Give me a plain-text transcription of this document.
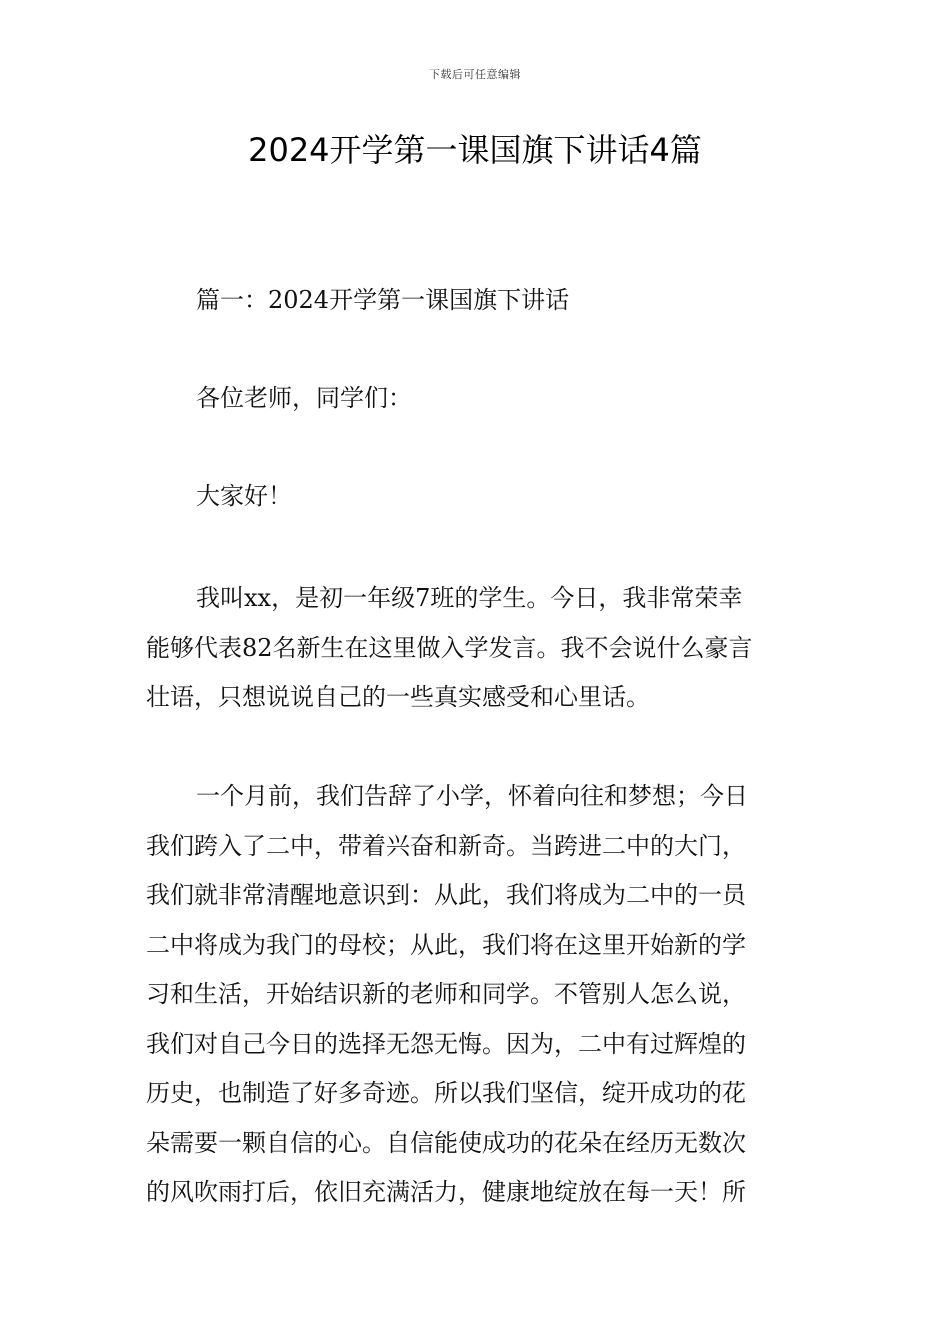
下载后可任意编辑
2024开学第一课国旗下讲话4篇
篇一：2024开学第一课国旗下讲话
各位老师，同学们：
大家好！
我叫xx，是初一年级7班的学生。今日，我非常荣幸
能够代表82名新生在这里做入学发言。我不会说什么豪言
壮语，只想说说自己的一些真实感受和心里话。
一个月前，我们告辞了小学，怀着向往和梦想；今日
我们跨入了二中，带着兴奋和新奇。当跨进二中的大门，
我们就非常清醒地意识到：从此，我们将成为二中的一员
二中将成为我门的母校；从此，我们将在这里开始新的学
习和生活，开始结识新的老师和同学。不管别人怎么说，
我们对自己今日的选择无怨无悔。因为，二中有过辉煌的
历史，也制造了好多奇迹。所以我们坚信，绽开成功的花
朵需要一颗自信的心。自信能使成功的花朵在经历无数次
的风吹雨打后，依旧充满活力，健康地绽放在每一天！所
